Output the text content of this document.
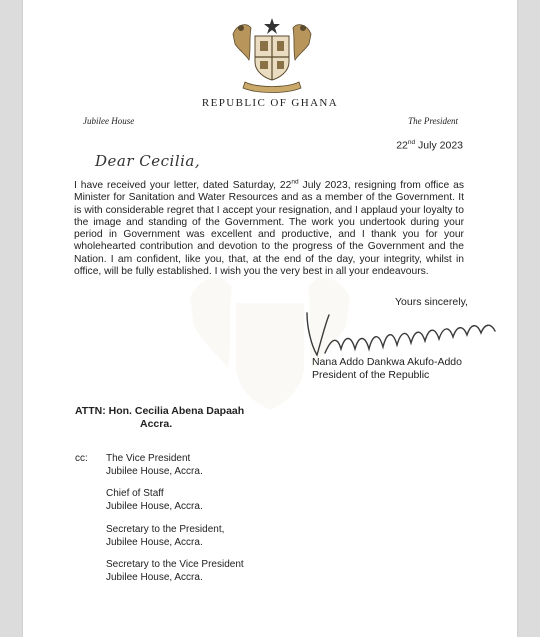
REPUBLIC OF GHANA
Jubilee House	The President
22nd July 2023
Dear Cecilia,
I have received your letter, dated Saturday, 22nd July 2023, resigning from office as Minister for Sanitation and Water Resources and as a member of the Government. It is with considerable regret that I accept your resignation, and I applaud your loyalty to the image and standing of the Government. The work you undertook during your period in Government was excellent and productive, and I thank you for your wholehearted contribution and devotion to the progress of the Government and the Nation. I am confident, like you, that, at the end of the day, your integrity, whilst in office, will be fully established. I wish you the very best in all your endeavours.
Yours sincerely,
Nana Addo Dankwa Akufo-Addo
President of the Republic
ATTN: Hon. Cecilia Abena Dapaah
Accra.
cc: The Vice President
Jubilee House, Accra.
Chief of Staff
Jubilee House, Accra.
Secretary to the President,
Jubilee House, Accra.
Secretary to the Vice President
Jubilee House, Accra.
